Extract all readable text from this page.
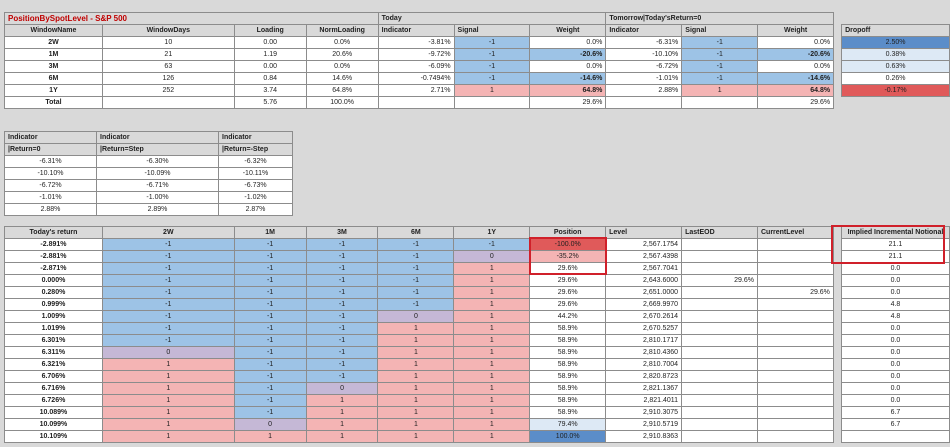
PositionBySpotLevel - S&P 500				Today			Tomorrow|Today'sReturn=0				
WindowName	WindowDays	Loading	NormLoading	Indicator	Signal	Weight	Indicator	Signal	Weight		Dropoff
2W	10	0.00	0.0%	-3.81%	-1	0.0%	-6.31%	-1	0.0%		2.50%
1M	21	1.19	20.6%	-9.72%	-1	-20.6%	-10.10%	-1	-20.6%		0.38%
3M	63	0.00	0.0%	-6.09%	-1	0.0%	-6.72%	-1	0.0%		0.63%
6M	126	0.84	14.6%	-0.7494%	-1	-14.6%	-1.01%	-1	-14.6%		0.26%
1Y	252	3.74	64.8%	2.71%	1	64.8%	2.88%	1	64.8%		-0.17%
Total		5.76	100.0%			29.6%			29.6%		
Indicator	Indicator	Indicator
|Return=0	|Return=Step	|Return=-Step
-6.31%	-6.30%	-6.32%
-10.10%	-10.09%	-10.11%
-6.72%	-6.71%	-6.73%
-1.01%	-1.00%	-1.02%
2.88%	2.89%	2.87%
Today's return	2W	1M	3M	6M	1Y	Position	Level	LastEOD	CurrentLevel		Implied Incremental Notional
-2.891%	-1	-1	-1	-1	-1	-100.0%	2,567.1754				21.1
-2.881%	-1	-1	-1	-1	0	-35.2%	2,567.4398				21.1
-2.871%	-1	-1	-1	-1	1	29.6%	2,567.7041				0.0
0.000%	-1	-1	-1	-1	1	29.6%	2,643.6000	29.6%			0.0
0.280%	-1	-1	-1	-1	1	29.6%	2,651.0000		29.6%		0.0
0.999%	-1	-1	-1	-1	1	29.6%	2,669.9970				4.8
1.009%	-1	-1	-1	0	1	44.2%	2,670.2614				4.8
1.019%	-1	-1	-1	1	1	58.9%	2,670.5257				0.0
6.301%	-1	-1	-1	1	1	58.9%	2,810.1717				0.0
6.311%	0	-1	-1	1	1	58.9%	2,810.4360				0.0
6.321%	1	-1	-1	1	1	58.9%	2,810.7004				0.0
6.706%	1	-1	-1	1	1	58.9%	2,820.8723				0.0
6.716%	1	-1	0	1	1	58.9%	2,821.1367				0.0
6.726%	1	-1	1	1	1	58.9%	2,821.4011				0.0
10.089%	1	-1	1	1	1	58.9%	2,910.3075				6.7
10.099%	1	0	1	1	1	79.4%	2,910.5719				6.7
10.109%	1	1	1	1	1	100.0%	2,910.8363				
